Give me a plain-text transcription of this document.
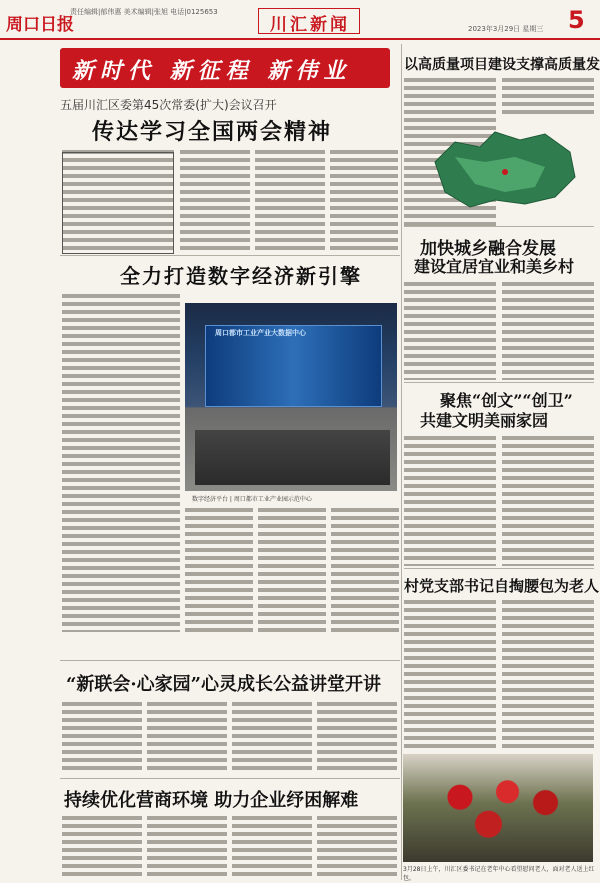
周口日报
责任编辑|郁伟惠 美术编辑|张旭 电话|0125653
川汇新闻	2023年3月29日 星期三 5
新时代 新征程 新伟业
五届川汇区委第45次常委(扩大)会议召开
传达学习全国两会精神
全力打造数字经济新引擎
周口都市工业产业大数据中心
数字经济平台 | 周口都市工业产业园示范中心
“新联会·心家园”心灵成长公益讲堂开讲
持续优化营商环境 助力企业纾困解难
以高质量项目建设支撑高质量发
加快城乡融合发展
建设宜居宜业和美乡村
聚焦“创文”“创卫”
共建文明美丽家园
村党支部书记自掏腰包为老人
3月28日上午，川汇区委书记在老年中心看望慰问老人，面对老人送上红包。
